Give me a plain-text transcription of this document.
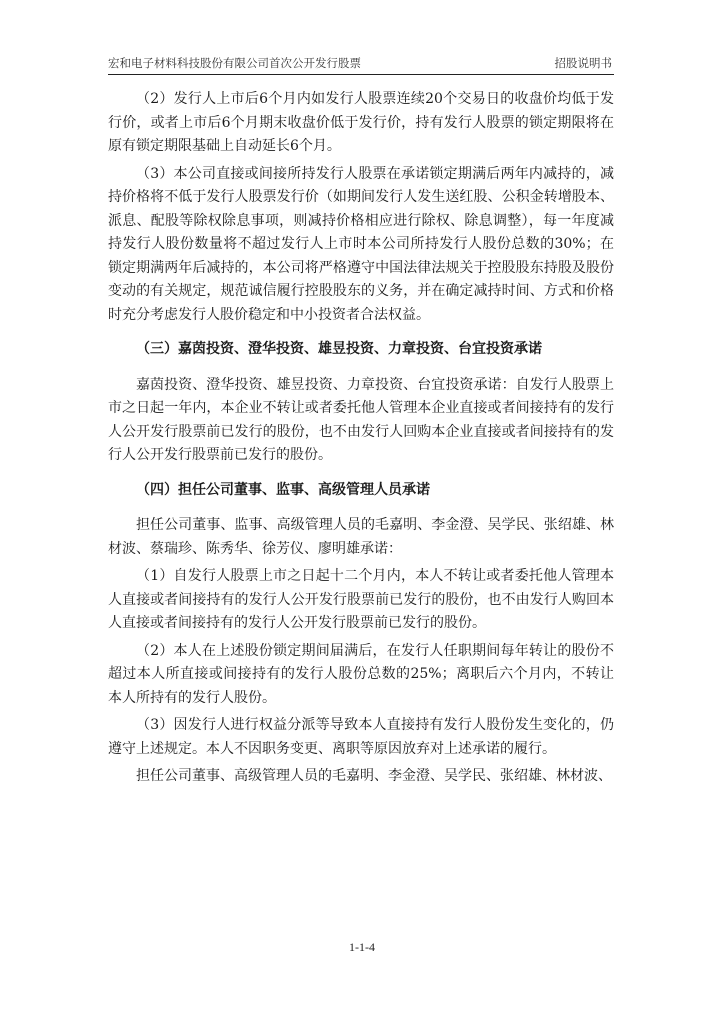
宏和电子材料科技股份有限公司首次公开发行股票	招股说明书

（2）发行人上市后6个月内如发行人股票连续20个交易日的收盘价均低于发行价，或者上市后6个月期末收盘价低于发行价，持有发行人股票的锁定期限将在原有锁定期限基础上自动延长6个月。

（3）本公司直接或间接所持发行人股票在承诺锁定期满后两年内减持的，减持价格将不低于发行人股票发行价（如期间发行人发生送红股、公积金转增股本、派息、配股等除权除息事项，则减持价格相应进行除权、除息调整），每一年度减持发行人股份数量将不超过发行人上市时本公司所持发行人股份总数的30%；在锁定期满两年后减持的，本公司将严格遵守中国法律法规关于控股股东持股及股份变动的有关规定，规范诚信履行控股股东的义务，并在确定减持时间、方式和价格时充分考虑发行人股价稳定和中小投资者合法权益。

（三）嘉茵投资、澄华投资、雄昱投资、力章投资、台宜投资承诺

嘉茵投资、澄华投资、雄昱投资、力章投资、台宜投资承诺：自发行人股票上市之日起一年内，本企业不转让或者委托他人管理本企业直接或者间接持有的发行人公开发行股票前已发行的股份，也不由发行人回购本企业直接或者间接持有的发行人公开发行股票前已发行的股份。

（四）担任公司董事、监事、高级管理人员承诺

担任公司董事、监事、高级管理人员的毛嘉明、李金澄、吴学民、张绍雄、林材波、蔡瑞珍、陈秀华、徐芳仪、廖明雄承诺：

（1）自发行人股票上市之日起十二个月内，本人不转让或者委托他人管理本人直接或者间接持有的发行人公开发行股票前已发行的股份，也不由发行人购回本人直接或者间接持有的发行人公开发行股票前已发行的股份。

（2）本人在上述股份锁定期间届满后，在发行人任职期间每年转让的股份不超过本人所直接或间接持有的发行人股份总数的25%；离职后六个月内，不转让本人所持有的发行人股份。

（3）因发行人进行权益分派等导致本人直接持有发行人股份发生变化的，仍遵守上述规定。本人不因职务变更、离职等原因放弃对上述承诺的履行。

担任公司董事、高级管理人员的毛嘉明、李金澄、吴学民、张绍雄、林材波、

1-1-4
